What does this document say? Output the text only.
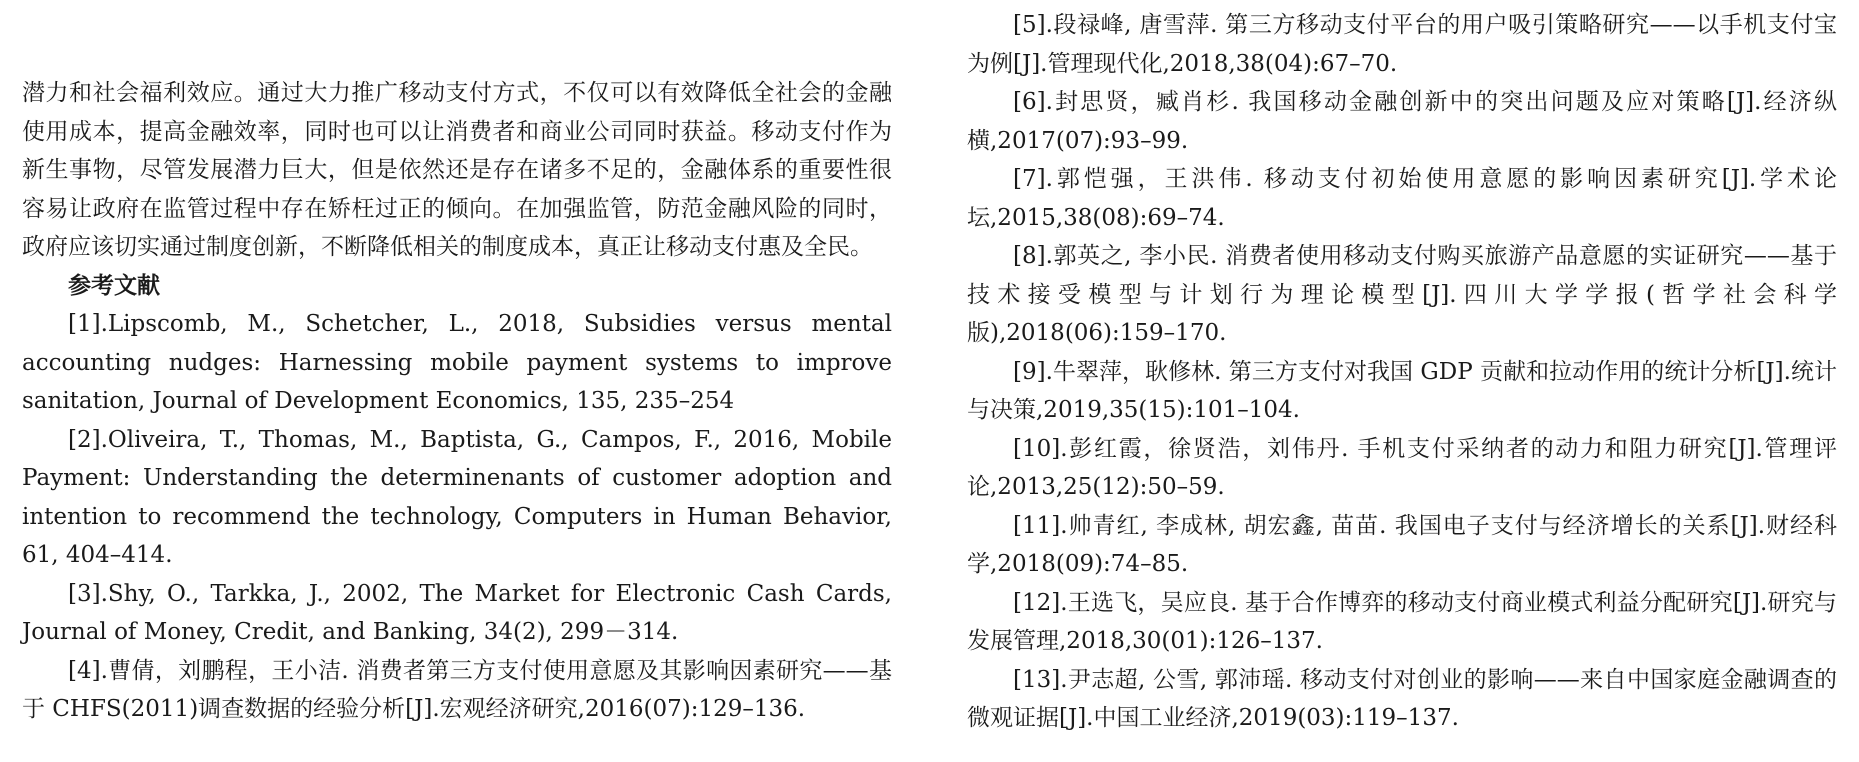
潜力和社会福利效应。通过大力推广移动支付方式，不仅可以有效降低全社会的金融使用成本，提高金融效率，同时也可以让消费者和商业公司同时获益。移动支付作为新生事物，尽管发展潜力巨大，但是依然还是存在诸多不足的，金融体系的重要性很容易让政府在监管过程中存在矫枉过正的倾向。在加强监管，防范金融风险的同时，政府应该切实通过制度创新，不断降低相关的制度成本，真正让移动支付惠及全民。

参考文献

[1].Lipscomb, M., Schetcher, L., 2018, Subsidies versus mental accounting nudges: Harnessing mobile payment systems to improve sanitation, Journal of Development Economics, 135, 235–254

[2].Oliveira, T., Thomas, M., Baptista, G., Campos, F., 2016, Mobile Payment: Understanding the determinenants of customer adoption and intention to recommend the technology, Computers in Human Behavior, 61, 404–414.

[3].Shy, O., Tarkka, J., 2002, The Market for Electronic Cash Cards, Journal of Money, Credit, and Banking, 34(2), 299－314.

[4].曹倩，刘鹏程，王小洁. 消费者第三方支付使用意愿及其影响因素研究——基于 CHFS(2011)调查数据的经验分析[J].宏观经济研究,2016(07):129–136.

[5].段禄峰, 唐雪萍. 第三方移动支付平台的用户吸引策略研究——以手机支付宝为例[J].管理现代化,2018,38(04):67–70.

[6].封思贤，臧肖杉. 我国移动金融创新中的突出问题及应对策略[J].经济纵横,2017(07):93–99.

[7].郭恺强，王洪伟. 移动支付初始使用意愿的影响因素研究[J].学术论坛,2015,38(08):69–74.

[8].郭英之, 李小民. 消费者使用移动支付购买旅游产品意愿的实证研究——基于技术接受模型与计划行为理论模型[J].四川大学学报(哲学社会科学版),2018(06):159–170.

[9].牛翠萍，耿修林. 第三方支付对我国 GDP 贡献和拉动作用的统计分析[J].统计与决策,2019,35(15):101–104.

[10].彭红霞，徐贤浩，刘伟丹. 手机支付采纳者的动力和阻力研究[J].管理评论,2013,25(12):50–59.

[11].帅青红, 李成林, 胡宏鑫, 苗苗. 我国电子支付与经济增长的关系[J].财经科学,2018(09):74–85.

[12].王选飞，吴应良. 基于合作博弈的移动支付商业模式利益分配研究[J].研究与发展管理,2018,30(01):126–137.

[13].尹志超, 公雪, 郭沛瑶. 移动支付对创业的影响——来自中国家庭金融调查的微观证据[J].中国工业经济,2019(03):119–137.
